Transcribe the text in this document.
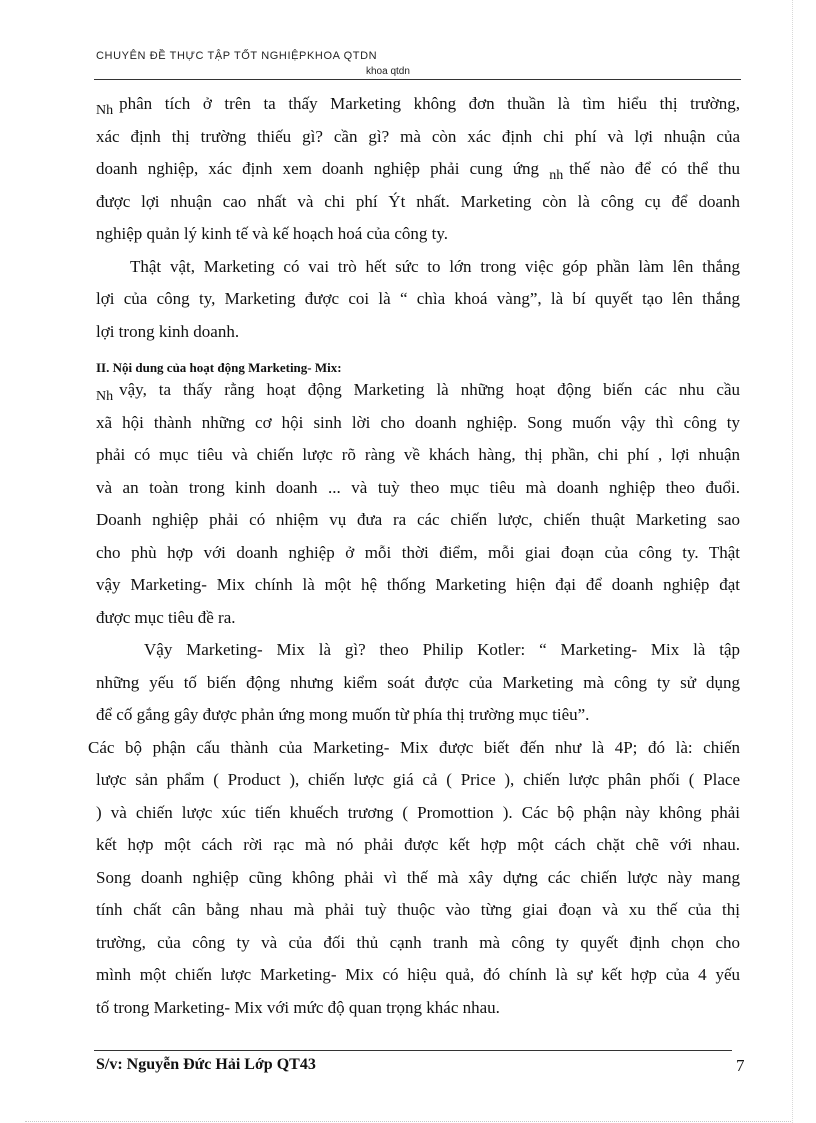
CHUYÊN ĐỀ THỰC TẬP TỐT NGHIỆPKHOA QTDN
khoa qtdn
$_{Nh}$ phân tích ở trên ta thấy Marketing không đơn thuần là tìm hiểu thị trường,
xác định thị trường thiếu gì? cần gì? mà còn xác định chi phí và lợi nhuận của
doanh nghiệp, xác định xem doanh nghiệp phải cung ứng $_{nh}$ thế nào để có thể thu
được lợi nhuận cao nhất và chi phí Ýt nhất. Marketing còn là công cụ để doanh
nghiệp quản lý kinh tế và kế hoạch hoá của công ty.
Thật vật, Marketing có vai trò hết sức to lớn trong việc góp phần làm lên thắng
lợi của công ty, Marketing được coi là “ chìa khoá vàng”, là bí quyết tạo lên thắng
lợi trong kinh doanh.
II. Nội dung của hoạt động Marketing- Mix:
$_{Nh}$ vậy, ta thấy rằng hoạt động Marketing là những hoạt động biến các nhu cầu
xã hội thành những cơ hội sinh lời cho doanh nghiệp. Song muốn vậy thì công ty
phải có mục tiêu và chiến lược rõ ràng về khách hàng, thị phần, chi phí , lợi nhuận
và an toàn trong kinh doanh ... và tuỳ theo mục tiêu mà doanh nghiệp theo đuổi.
Doanh nghiệp phải có nhiệm vụ đưa ra các chiến lược, chiến thuật Marketing sao
cho phù hợp với doanh nghiệp ở mỗi thời điểm, mỗi giai đoạn của công ty. Thật
vậy Marketing- Mix chính là một hệ thống Marketing hiện đại để doanh nghiệp đạt
được mục tiêu đề ra.
Vậy Marketing- Mix là gì? theo Philip Kotler: “ Marketing- Mix là tập
những yếu tố biến động nhưng kiểm soát được của Marketing mà công ty sử dụng
để cố gắng gây được phản ứng mong muốn từ phía thị trường mục tiêu”.
Các bộ phận cấu thành của Marketing- Mix được biết đến như là 4P; đó là: chiến
lược sản phẩm ( Product ), chiến lược giá cả ( Price ), chiến lược phân phối ( Place
) và chiến lược xúc tiến khuếch trương ( Promottion ). Các bộ phận này không phải
kết hợp một cách rời rạc mà nó phải được kết hợp một cách chặt chẽ với nhau.
Song doanh nghiệp cũng không phải vì thế mà xây dựng các chiến lược này mang
tính chất cân bằng nhau mà phải tuỳ thuộc vào từng giai đoạn và xu thế của thị
trường, của công ty và của đối thủ cạnh tranh mà công ty quyết định chọn cho
mình một chiến lược Marketing- Mix có hiệu quả, đó chính là sự kết hợp của 4 yếu
tố trong Marketing- Mix với mức độ quan trọng khác nhau.
S/v: Nguyễn Đức Hải Lớp QT43	7
